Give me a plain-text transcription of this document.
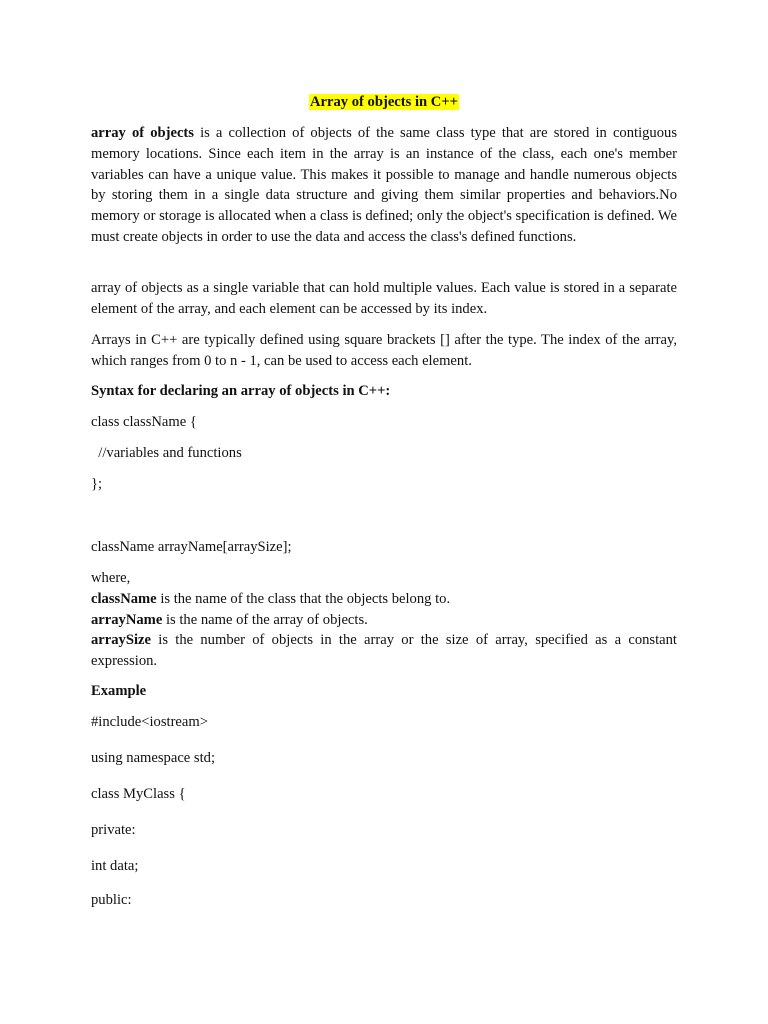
Array of objects in C++

array of objects is a collection of objects of the same class type that are stored in contiguous memory locations. Since each item in the array is an instance of the class, each one's member variables can have a unique value. This makes it possible to manage and handle numerous objects by storing them in a single data structure and giving them similar properties and behaviors.No memory or storage is allocated when a class is defined; only the object's specification is defined. We must create objects in order to use the data and access the class's defined functions.

array of objects as a single variable that can hold multiple values. Each value is stored in a separate element of the array, and each element can be accessed by its index.

Arrays in C++ are typically defined using square brackets [] after the type. The index of the array, which ranges from 0 to n - 1, can be used to access each element.

Syntax for declaring an array of objects in C++:
class className {
//variables and functions
};
className arrayName[arraySize];
where,
className is the name of the class that the objects belong to.
arrayName is the name of the array of objects.
arraySize is the number of objects in the array or the size of array, specified as a constant expression.
Example
#include<iostream>
using namespace std;
class MyClass {
private:
int data;
public:
